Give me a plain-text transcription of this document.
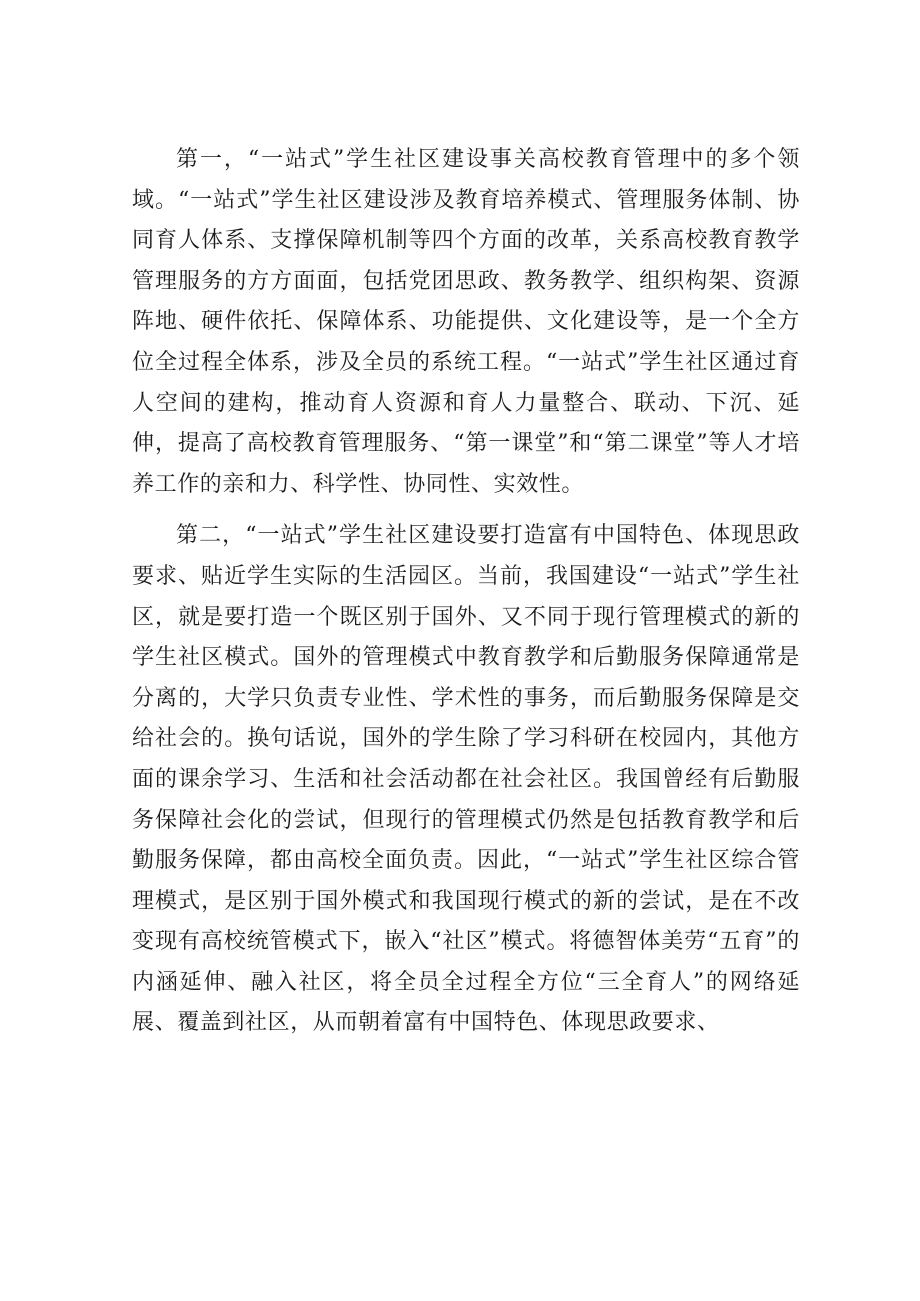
第一，“一站式”学生社区建设事关高校教育管理中的多个领域。“一站式”学生社区建设涉及教育培养模式、管理服务体制、协同育人体系、支撑保障机制等四个方面的改革，关系高校教育教学管理服务的方方面面，包括党团思政、教务教学、组织构架、资源阵地、硬件依托、保障体系、功能提供、文化建设等，是一个全方位全过程全体系，涉及全员的系统工程。“一站式”学生社区通过育人空间的建构，推动育人资源和育人力量整合、联动、下沉、延伸，提高了高校教育管理服务、“第一课堂”和“第二课堂”等人才培养工作的亲和力、科学性、协同性、实效性。

第二，“一站式”学生社区建设要打造富有中国特色、体现思政要求、贴近学生实际的生活园区。当前，我国建设“一站式”学生社区，就是要打造一个既区别于国外、又不同于现行管理模式的新的学生社区模式。国外的管理模式中教育教学和后勤服务保障通常是分离的，大学只负责专业性、学术性的事务，而后勤服务保障是交给社会的。换句话说，国外的学生除了学习科研在校园内，其他方面的课余学习、生活和社会活动都在社会社区。我国曾经有后勤服务保障社会化的尝试，但现行的管理模式仍然是包括教育教学和后勤服务保障，都由高校全面负责。因此，“一站式”学生社区综合管理模式，是区别于国外模式和我国现行模式的新的尝试，是在不改变现有高校统管模式下，嵌入“社区”模式。将德智体美劳“五育”的内涵延伸、融入社区，将全员全过程全方位“三全育人”的网络延展、覆盖到社区，从而朝着富有中国特色、体现思政要求、
